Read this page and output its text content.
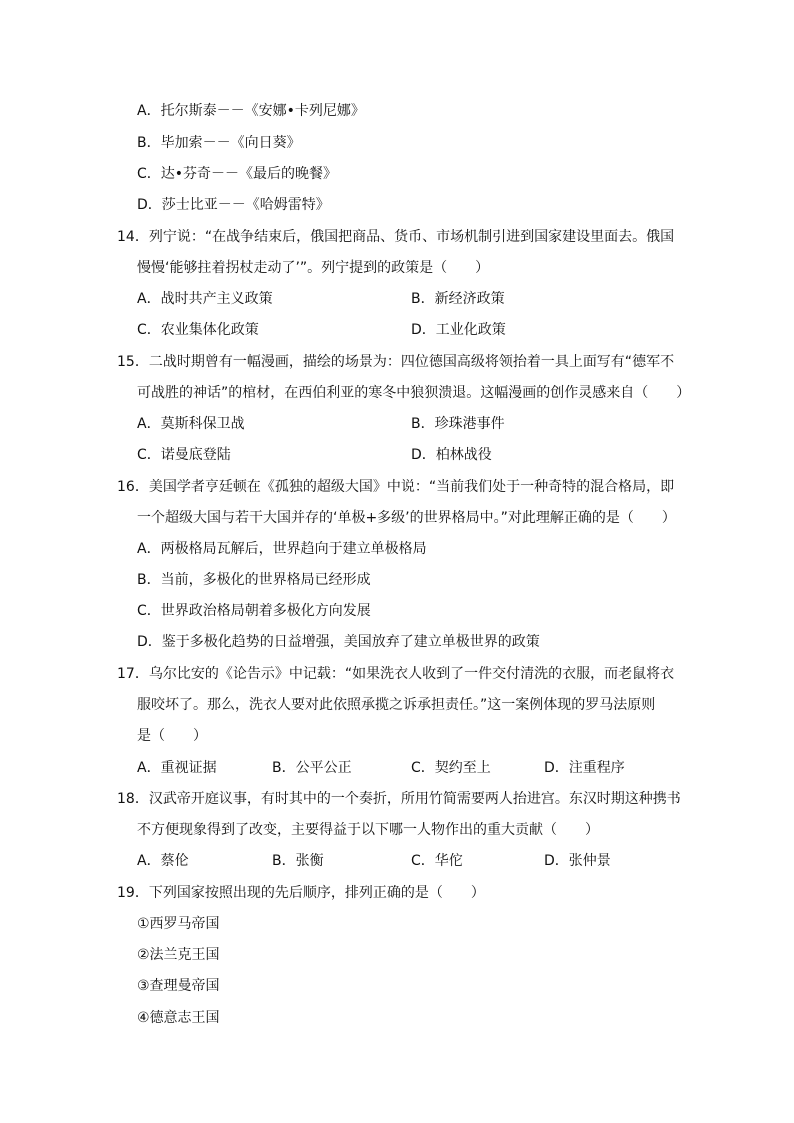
A．托尔斯泰－－《安娜•卡列尼娜》
B．毕加索－－《向日葵》
C．达•芬奇－－《最后的晚餐》
D．莎士比亚－－《哈姆雷特》
14．列宁说：“在战争结束后，俄国把商品、货币、市场机制引进到国家建设里面去。俄国
慢慢‘能够拄着拐杖走动了’”。列宁提到的政策是（　　）
A．战时共产主义政策	B．新经济政策
C．农业集体化政策	D．工业化政策
15．二战时期曾有一幅漫画，描绘的场景为：四位德国高级将领抬着一具上面写有“德军不
可战胜的神话”的棺材，在西伯利亚的寒冬中狼狈溃退。这幅漫画的创作灵感来自（　　）
A．莫斯科保卫战	B．珍珠港事件
C．诺曼底登陆	D．柏林战役
16．美国学者亨廷顿在《孤独的超级大国》中说：“当前我们处于一种奇特的混合格局，即
一个超级大国与若干大国并存的‘单极+多级’的世界格局中。”对此理解正确的是（　　）
A．两极格局瓦解后，世界趋向于建立单极格局
B．当前，多极化的世界格局已经形成
C．世界政治格局朝着多极化方向发展
D．鉴于多极化趋势的日益增强，美国放弃了建立单极世界的政策
17．乌尔比安的《论告示》中记载：“如果洗衣人收到了一件交付清洗的衣服，而老鼠将衣
服咬坏了。那么，洗衣人要对此依照承揽之诉承担责任。”这一案例体现的罗马法原则
是（　　）
A．重视证据	B．公平公正	C．契约至上	D．注重程序
18．汉武帝开庭议事，有时其中的一个奏折，所用竹简需要两人抬进宫。东汉时期这种携书
不方便现象得到了改变，主要得益于以下哪一人物作出的重大贡献（　　）
A．蔡伦	B．张衡	C．华佗	D．张仲景
19．下列国家按照出现的先后顺序，排列正确的是（　　）
①西罗马帝国
②法兰克王国
③查理曼帝国
④德意志王国
